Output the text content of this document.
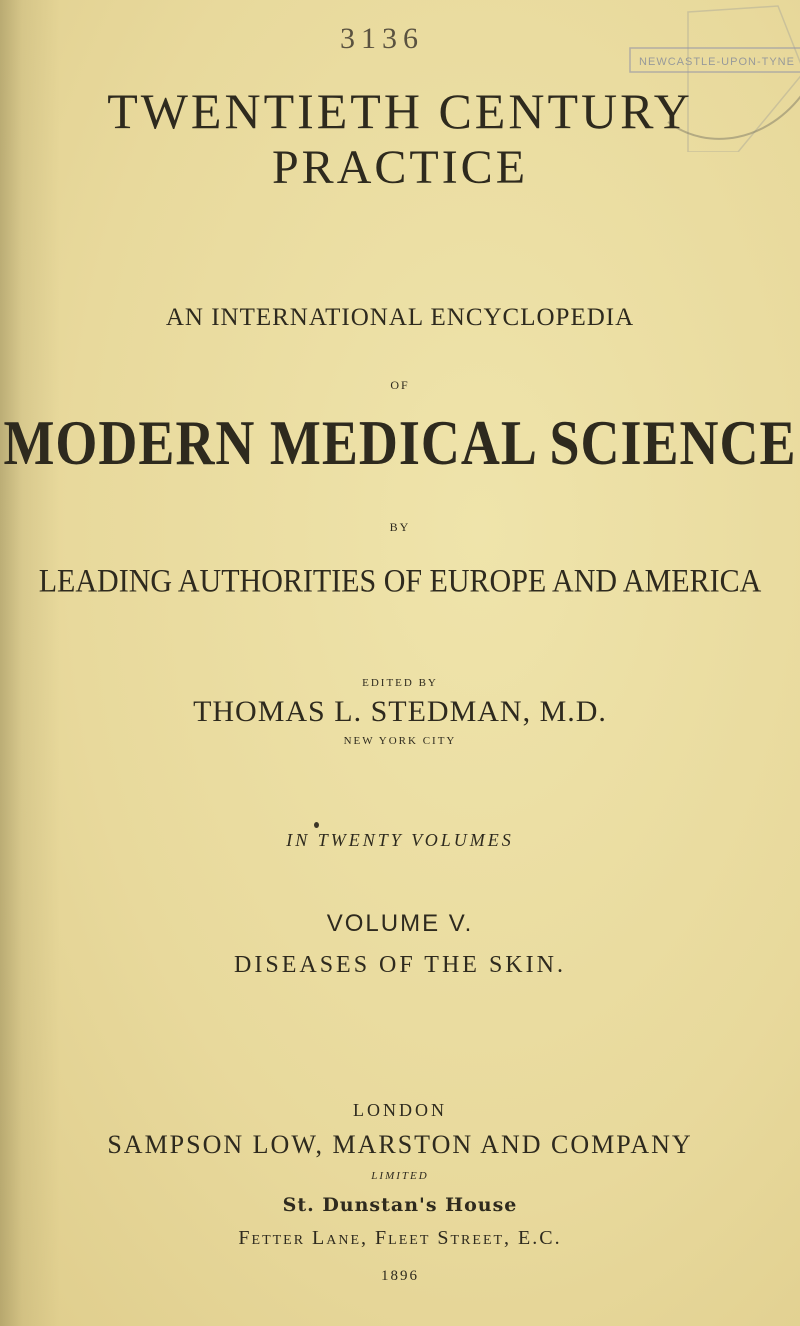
3136
NEWCASTLE-UPON-TYNE
TWENTIETH CENTURY
PRACTICE
AN INTERNATIONAL ENCYCLOPEDIA
OF
MODERN MEDICAL SCIENCE
BY
LEADING AUTHORITIES OF EUROPE AND AMERICA
EDITED BY
THOMAS L. STEDMAN, M.D.
NEW YORK CITY
IN TWENTY VOLUMES
VOLUME V.
DISEASES OF THE SKIN.
LONDON
SAMPSON LOW, MARSTON AND COMPANY
LIMITED
St. Dunstan's House
Fetter Lane, Fleet Street, E.C.
1896
